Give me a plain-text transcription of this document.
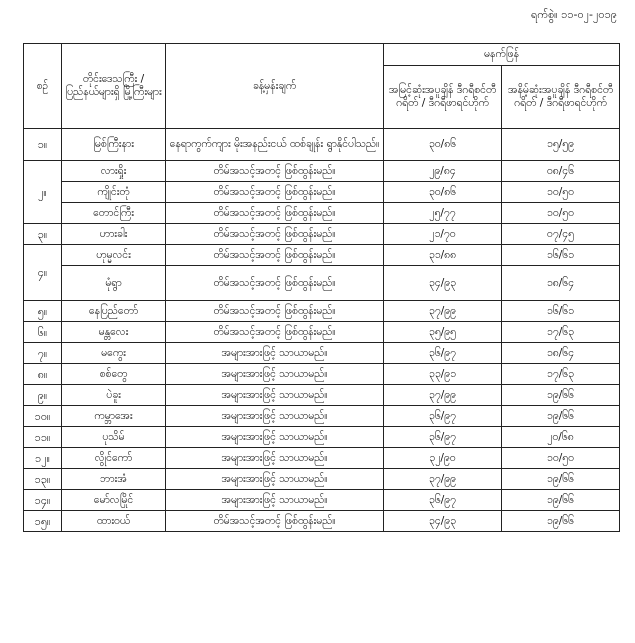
ရက်စွဲ။ ၁၁-၀၂-၂၀၁၉
စဉ်	တိုင်းဒေသကြီး / ပြည်နယ်များရှိ မြို့ကြီးများ	ခန့်မှန်းချက်	မနက်ဖြန်	
			အမြင့်ဆုံးအပူချိန် ဒီဂရီစင်တီဂရိတ် / ဒီဂရီဖာရင်ဟိုက်	အနိမ့်ဆုံးအပူချိန် ဒီဂရီစင်တီဂရိတ် / ဒီဂရီဖာရင်ဟိုက်
၁။	မြစ်ကြီးနား	နေရာကွက်ကျား မိုးအနည်းငယ် ထစ်ချုန်း ရွာနိုင်ပါသည်။	၃၀/၈၆	၁၅/၅၉
၂။	လားရှိုး	တိမ်အသင့်အတင့် ဖြစ်ထွန်းမည်။	၂၉/၈၄	၀၈/၄၆
	ကျိုင်းတုံ	တိမ်အသင့်အတင့် ဖြစ်ထွန်းမည်။	၃၀/၈၆	၁၀/၅၀
	တောင်ကြီး	တိမ်အသင့်အတင့် ဖြစ်ထွန်းမည်။	၂၅/၇၇	၁၀/၅၀
၃။	ဟားခါး	တိမ်အသင့်အတင့် ဖြစ်ထွန်းမည်။	၂၁/၇၀	၀၇/၄၅
၄။	ဟုမ္မလင်း	တိမ်အသင့်အတင့် ဖြစ်ထွန်းမည်။	၃၁/၈၈	၁၆/၆၁
	မုံရွာ	တိမ်အသင့်အတင့် ဖြစ်ထွန်းမည်။	၃၄/၉၃	၁၈/၆၄
၅။	နေပြည်တော်	တိမ်အသင့်အတင့် ဖြစ်ထွန်းမည်။	၃၇/၉၉	၁၆/၆၁
၆။	မန္တလေး	တိမ်အသင့်အတင့် ဖြစ်ထွန်းမည်။	၃၅/၉၅	၁၇/၆၃
၇။	မကွေး	အများအားဖြင့် သာယာမည်။	၃၆/၉၇	၁၈/၆၄
၈။	စစ်တွေ	အများအားဖြင့် သာယာမည်။	၃၃/၉၁	၁၇/၆၃
၉။	ပဲခူး	အများအားဖြင့် သာယာမည်။	၃၇/၉၉	၁၉/၆၆
၁၀။	ကမ္ဘာအေး	အများအားဖြင့် သာယာမည်။	၃၆/၉၇	၁၉/၆၆
၁၁။	ပုသိမ်	အများအားဖြင့် သာယာမည်။	၃၆/၉၇	၂၀/၆၈
၁၂။	လွိုင်ကော်	အများအားဖြင့် သာယာမည်။	၃၂/၉၀	၁၀/၅၀
၁၃။	ဘားအံ	အများအားဖြင့် သာယာမည်။	၃၇/၉၉	၁၉/၆၆
၁၄။	မော်လမြိုင်	အများအားဖြင့် သာယာမည်။	၃၆/၉၇	၁၉/၆၆
၁၅။	ထားဝယ်	တိမ်အသင့်အတင့် ဖြစ်ထွန်းမည်။	၃၄/၉၃	၁၉/၆၆
